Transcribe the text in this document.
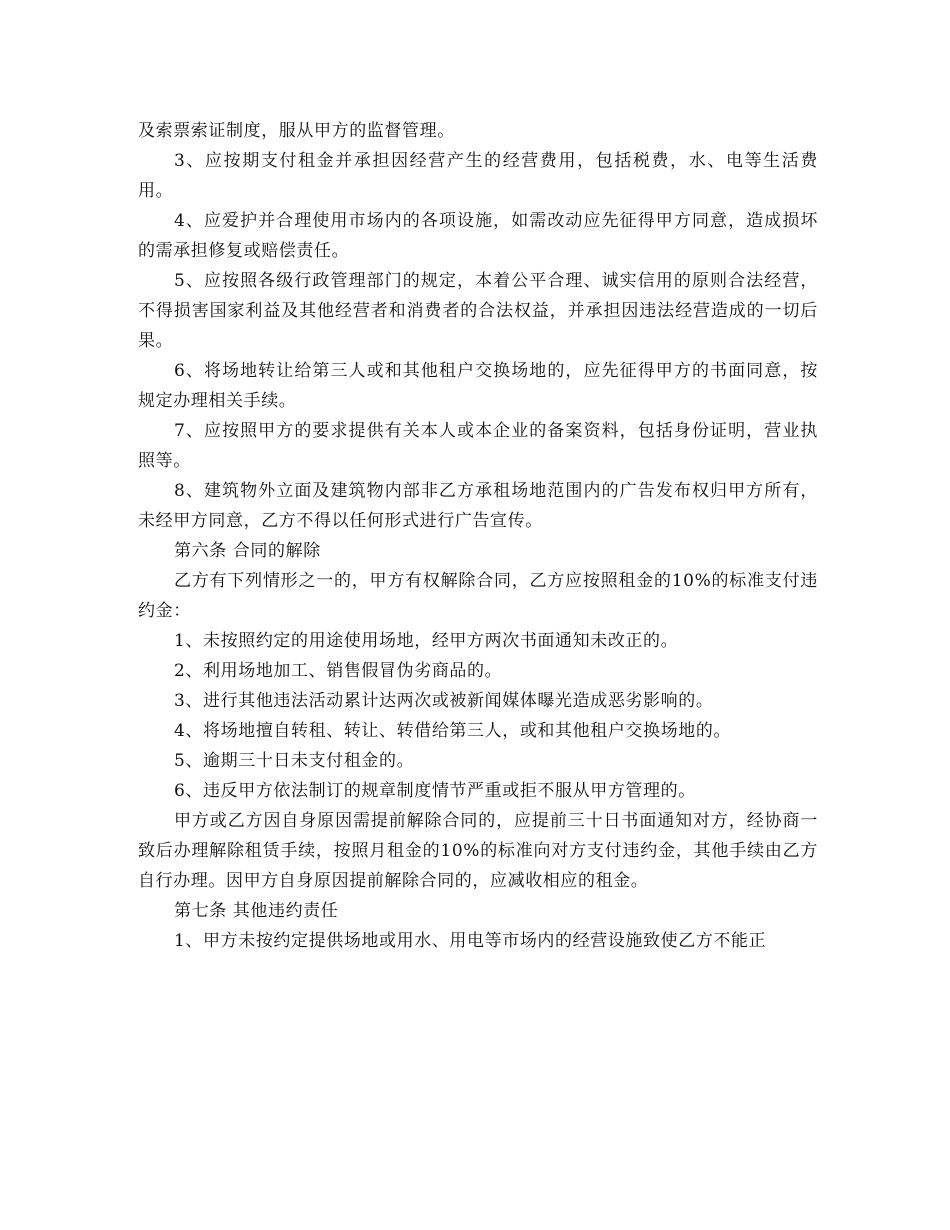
及索票索证制度，服从甲方的监督管理。

3、应按期支付租金并承担因经营产生的经营费用，包括税费，水、电等生活费用。

4、应爱护并合理使用市场内的各项设施，如需改动应先征得甲方同意，造成损坏的需承担修复或赔偿责任。

5、应按照各级行政管理部门的规定，本着公平合理、诚实信用的原则合法经营，不得损害国家利益及其他经营者和消费者的合法权益，并承担因违法经营造成的一切后果。

6、将场地转让给第三人或和其他租户交换场地的，应先征得甲方的书面同意，按规定办理相关手续。

7、应按照甲方的要求提供有关本人或本企业的备案资料，包括身份证明，营业执照等。

8、建筑物外立面及建筑物内部非乙方承租场地范围内的广告发布权归甲方所有，未经甲方同意，乙方不得以任何形式进行广告宣传。

第六条 合同的解除

乙方有下列情形之一的，甲方有权解除合同，乙方应按照租金的10%的标准支付违约金：

1、未按照约定的用途使用场地，经甲方两次书面通知未改正的。

2、利用场地加工、销售假冒伪劣商品的。

3、进行其他违法活动累计达两次或被新闻媒体曝光造成恶劣影响的。

4、将场地擅自转租、转让、转借给第三人，或和其他租户交换场地的。

5、逾期三十日未支付租金的。

6、违反甲方依法制订的规章制度情节严重或拒不服从甲方管理的。

甲方或乙方因自身原因需提前解除合同的，应提前三十日书面通知对方，经协商一致后办理解除租赁手续，按照月租金的10%的标准向对方支付违约金，其他手续由乙方自行办理。因甲方自身原因提前解除合同的，应减收相应的租金。

第七条 其他违约责任

1、甲方未按约定提供场地或用水、用电等市场内的经营设施致使乙方不能正
